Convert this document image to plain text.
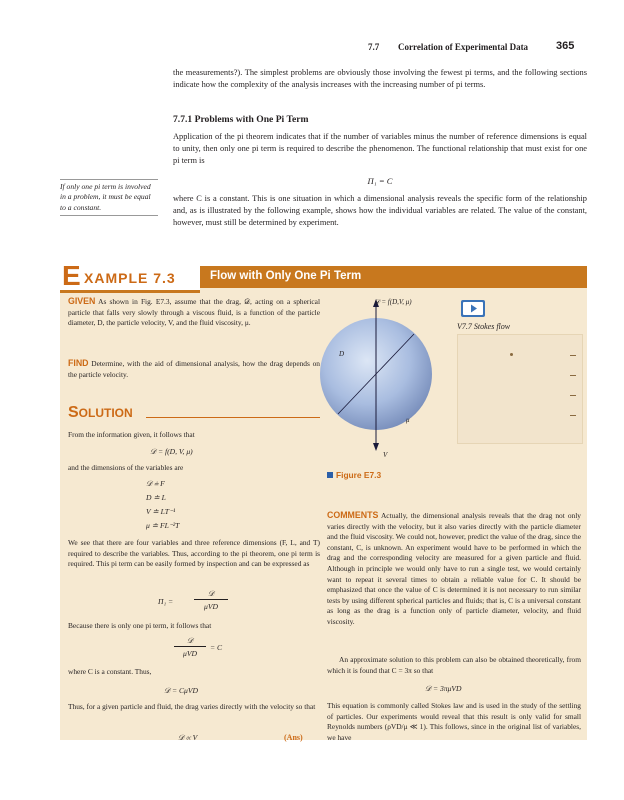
7.7 Correlation of Experimental Data	365
the measurements?). The simplest problems are obviously those involving the fewest pi terms, and the following sections indicate how the complexity of the analysis increases with the increasing number of pi terms.
7.7.1 Problems with One Pi Term
Application of the pi theorem indicates that if the number of variables minus the number of reference dimensions is equal to unity, then only one pi term is required to describe the phenomenon. The functional relationship that must exist for one pi term is
Π₁ = C
where C is a constant. This is one situation in which a dimensional analysis reveals the specific form of the relationship and, as is illustrated by the following example, shows how the individual variables are related. The value of the constant, however, must still be determined by experiment.
If only one pi term is involved in a problem, it must be equal to a constant.
E XAMPLE 7.3	Flow with Only One Pi Term
GIVEN As shown in Fig. E7.3, assume that the drag, 𝒟, acting on a spherical particle that falls very slowly through a viscous fluid, is a function of the particle diameter, D, the particle velocity, V, and the fluid viscosity, μ.
FIND Determine, with the aid of dimensional analysis, how the drag depends on the particle velocity.
SOLUTION
From the information given, it follows that
𝒟 = f(D, V, μ)
and the dimensions of the variables are
𝒟 ≐ F
D ≐ L
V ≐ LT⁻¹
μ ≐ FL⁻²T
We see that there are four variables and three reference dimensions (F, L, and T) required to describe the variables. Thus, according to the pi theorem, one pi term is required. This pi term can be easily formed by inspection and can be expressed as
Π₁ =
𝒟
μVD
Because there is only one pi term, it follows that
𝒟
μVD
= C
where C is a constant. Thus,
𝒟 = CμVD
Thus, for a given particle and fluid, the drag varies directly with the velocity so that
𝒟 ∝ V	(Ans)
𝒟 = f(D,V, μ)
D
μ
V
Figure E7.3
V7.7 Stokes flow
COMMENTS Actually, the dimensional analysis reveals that the drag not only varies directly with the velocity, but it also varies directly with the particle diameter and the fluid viscosity. We could not, however, predict the value of the drag, since the constant, C, is unknown. An experiment would have to be performed in which the drag and the corresponding velocity are measured for a given particle and fluid. Although in principle we would only have to run a single test, we would certainly want to repeat it several times to obtain a reliable value for C. It should be emphasized that once the value of C is determined it is not necessary to run similar tests by using different spherical particles and fluids; that is, C is a universal constant as long as the drag is a function only of particle diameter, velocity, and fluid viscosity.
An approximate solution to this problem can also be obtained theoretically, from which it is found that C = 3π so that
𝒟 = 3πμVD
This equation is commonly called Stokes law and is used in the study of the settling of particles. Our experiments would reveal that this result is only valid for small Reynolds numbers (ρVD/μ ≪ 1). This follows, since in the original list of variables, we have
